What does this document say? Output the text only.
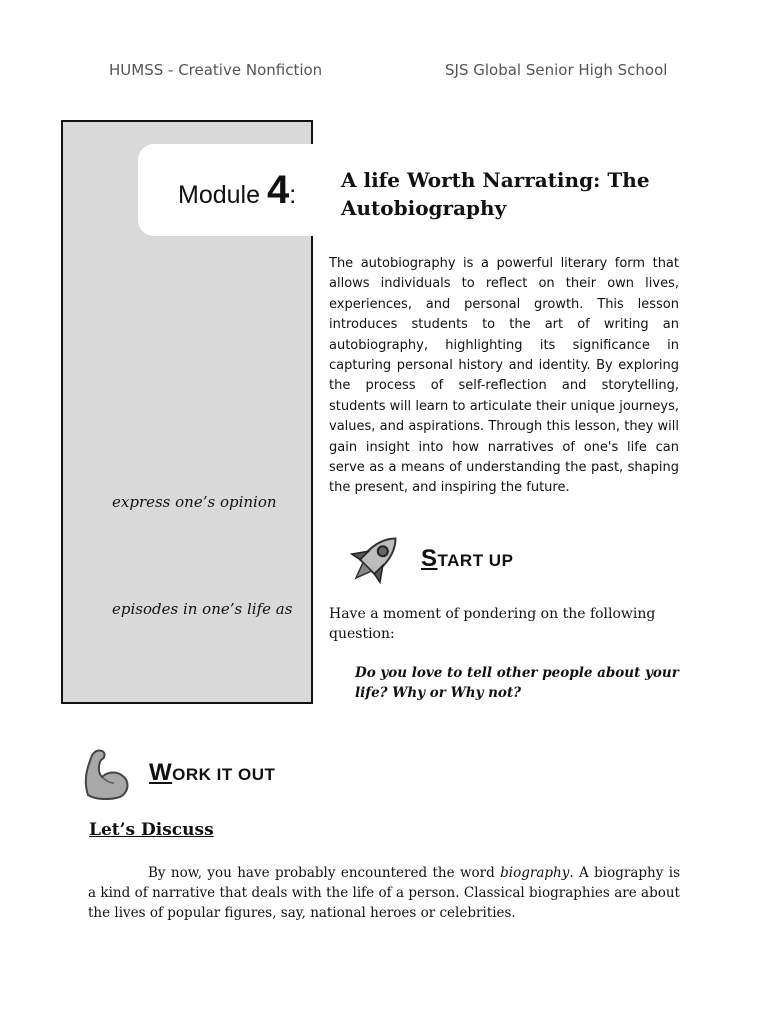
HUMSS - Creative Nonfiction	SJS Global Senior High School
Module 4:
A life Worth Narrating: The Autobiography
The autobiography is a powerful literary form that allows individuals to reflect on their own lives, experiences, and personal growth. This lesson introduces students to the art of writing an autobiography, highlighting its significance in capturing personal history and identity. By exploring the process of self-reflection and storytelling, students will learn to articulate their unique journeys, values, and aspirations. Through this lesson, they will gain insight into how narratives of one's life can serve as a means of understanding the past, shaping the present, and inspiring the future.
express one’s opinion
episodes in one’s life as
START UP
Have a moment of pondering on the following question:
Do you love to tell other people about your life? Why or Why not?
WORK IT OUT
Let’s Discuss
By now, you have probably encountered the word biography. A biography is a kind of narrative that deals with the life of a person. Classical biographies are about the lives of popular figures, say, national heroes or celebrities.
